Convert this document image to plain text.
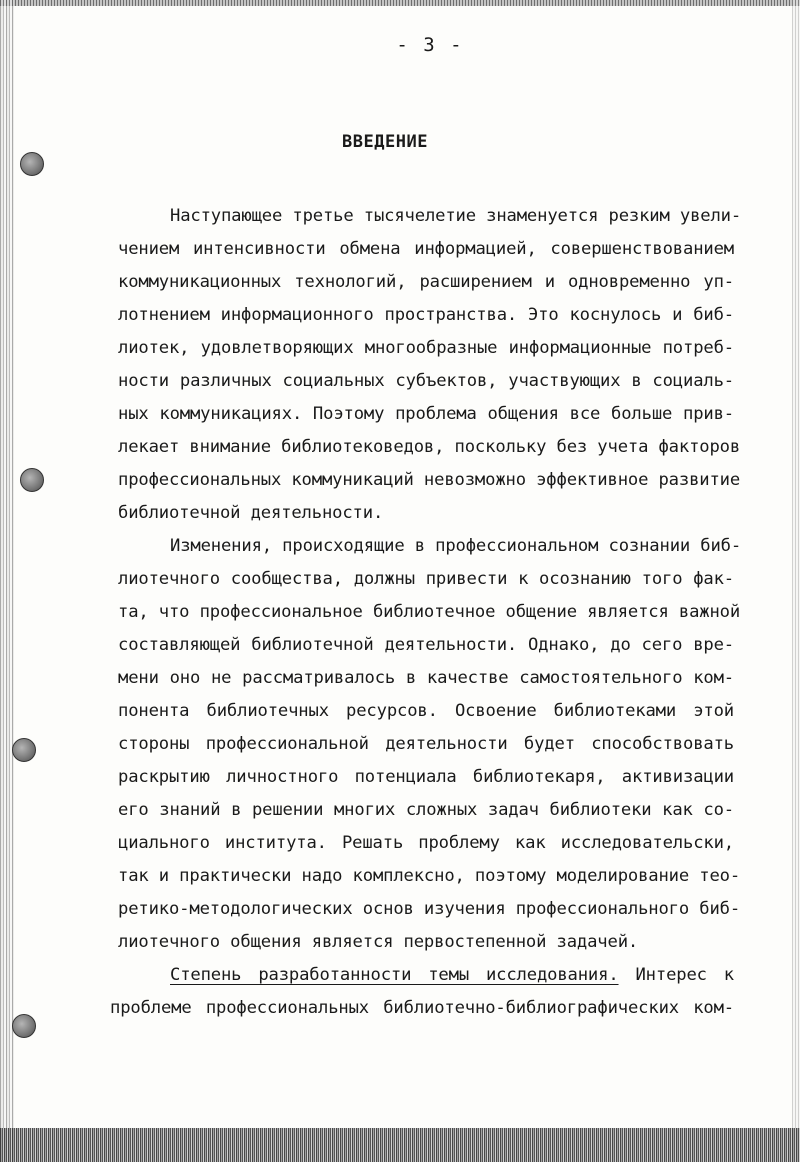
- 3 -
ВВЕДЕНИЕ
Наступающее третье тысячелетие знаменуется резким увели-
чением интенсивности обмена информацией, совершенствованием
коммуникационных технологий, расширением и одновременно уп-
лотнением информационного пространства. Это коснулось и биб-
лиотек, удовлетворяющих многообразные информационные потреб-
ности различных социальных субъектов, участвующих в социаль-
ных коммуникациях. Поэтому проблема общения все больше прив-
лекает внимание библиотековедов, поскольку без учета факторов
профессиональных коммуникаций невозможно эффективное развитие
библиотечной деятельности.
Изменения, происходящие в профессиональном сознании биб-
лиотечного сообщества, должны привести к осознанию того фак-
та, что профессиональное библиотечное общение является важной
составляющей библиотечной деятельности. Однако, до сего вре-
мени оно не рассматривалось в качестве самостоятельного ком-
понента библиотечных ресурсов. Освоение библиотеками этой
стороны профессиональной деятельности будет способствовать
раскрытию личностного потенциала библиотекаря, активизации
его знаний в решении многих сложных задач библиотеки как со-
циального института. Решать проблему как исследовательски,
так и практически надо комплексно, поэтому моделирование тео-
ретико-методологических основ изучения профессионального биб-
лиотечного общения является первостепенной задачей.
Степень разработанности темы исследования. Интерес к
проблеме профессиональных библиотечно-библиографических ком-
